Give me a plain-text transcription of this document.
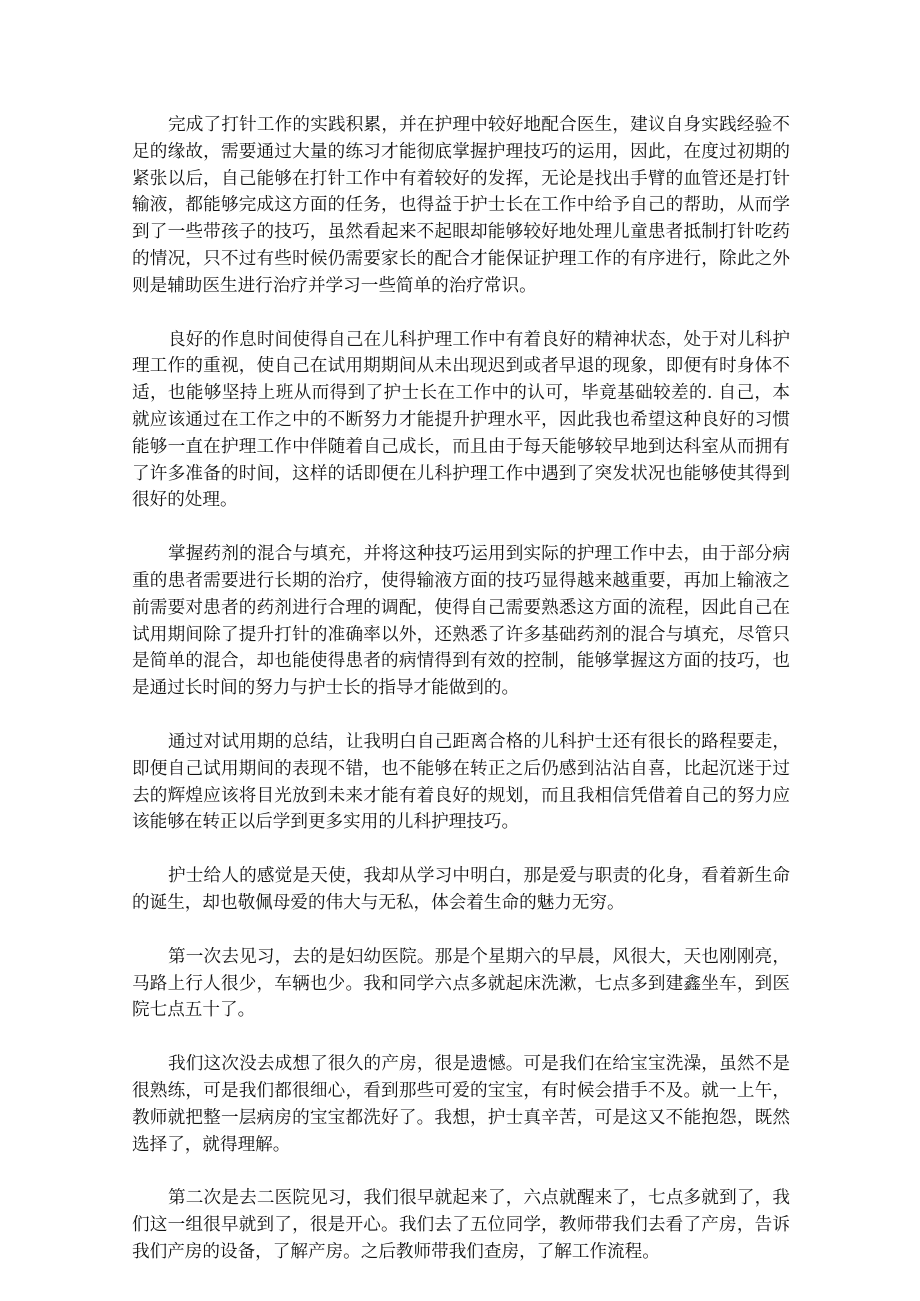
完成了打针工作的实践积累，并在护理中较好地配合医生，建议自身实践经验不足的缘故，需要通过大量的练习才能彻底掌握护理技巧的运用，因此，在度过初期的紧张以后，自己能够在打针工作中有着较好的发挥，无论是找出手臂的血管还是打针输液，都能够完成这方面的任务，也得益于护士长在工作中给予自己的帮助，从而学到了一些带孩子的技巧，虽然看起来不起眼却能够较好地处理儿童患者抵制打针吃药的情况，只不过有些时候仍需要家长的配合才能保证护理工作的有序进行，除此之外则是辅助医生进行治疗并学习一些简单的治疗常识。

良好的作息时间使得自己在儿科护理工作中有着良好的精神状态，处于对儿科护理工作的重视，使自己在试用期期间从未出现迟到或者早退的现象，即便有时身体不适，也能够坚持上班从而得到了护士长在工作中的认可，毕竟基础较差的. 自己，本就应该通过在工作之中的不断努力才能提升护理水平，因此我也希望这种良好的习惯能够一直在护理工作中伴随着自己成长，而且由于每天能够较早地到达科室从而拥有了许多准备的时间，这样的话即便在儿科护理工作中遇到了突发状况也能够使其得到很好的处理。

掌握药剂的混合与填充，并将这种技巧运用到实际的护理工作中去，由于部分病重的患者需要进行长期的治疗，使得输液方面的技巧显得越来越重要，再加上输液之前需要对患者的药剂进行合理的调配，使得自己需要熟悉这方面的流程，因此自己在试用期间除了提升打针的准确率以外，还熟悉了许多基础药剂的混合与填充，尽管只是简单的混合，却也能使得患者的病情得到有效的控制，能够掌握这方面的技巧，也是通过长时间的努力与护士长的指导才能做到的。

通过对试用期的总结，让我明白自己距离合格的儿科护士还有很长的路程要走，即便自己试用期间的表现不错，也不能够在转正之后仍感到沾沾自喜，比起沉迷于过去的辉煌应该将目光放到未来才能有着良好的规划，而且我相信凭借着自己的努力应该能够在转正以后学到更多实用的儿科护理技巧。

护士给人的感觉是天使，我却从学习中明白，那是爱与职责的化身，看着新生命的诞生，却也敬佩母爱的伟大与无私，体会着生命的魅力无穷。

第一次去见习，去的是妇幼医院。那是个星期六的早晨，风很大，天也刚刚亮，马路上行人很少，车辆也少。我和同学六点多就起床洗漱，七点多到建鑫坐车，到医院七点五十了。

我们这次没去成想了很久的产房，很是遗憾。可是我们在给宝宝洗澡，虽然不是很熟练，可是我们都很细心，看到那些可爱的宝宝，有时候会措手不及。就一上午，教师就把整一层病房的宝宝都洗好了。我想，护士真辛苦，可是这又不能抱怨，既然选择了，就得理解。

第二次是去二医院见习，我们很早就起来了，六点就醒来了，七点多就到了，我们这一组很早就到了，很是开心。我们去了五位同学，教师带我们去看了产房，告诉我们产房的设备，了解产房。之后教师带我们查房，了解工作流程。
